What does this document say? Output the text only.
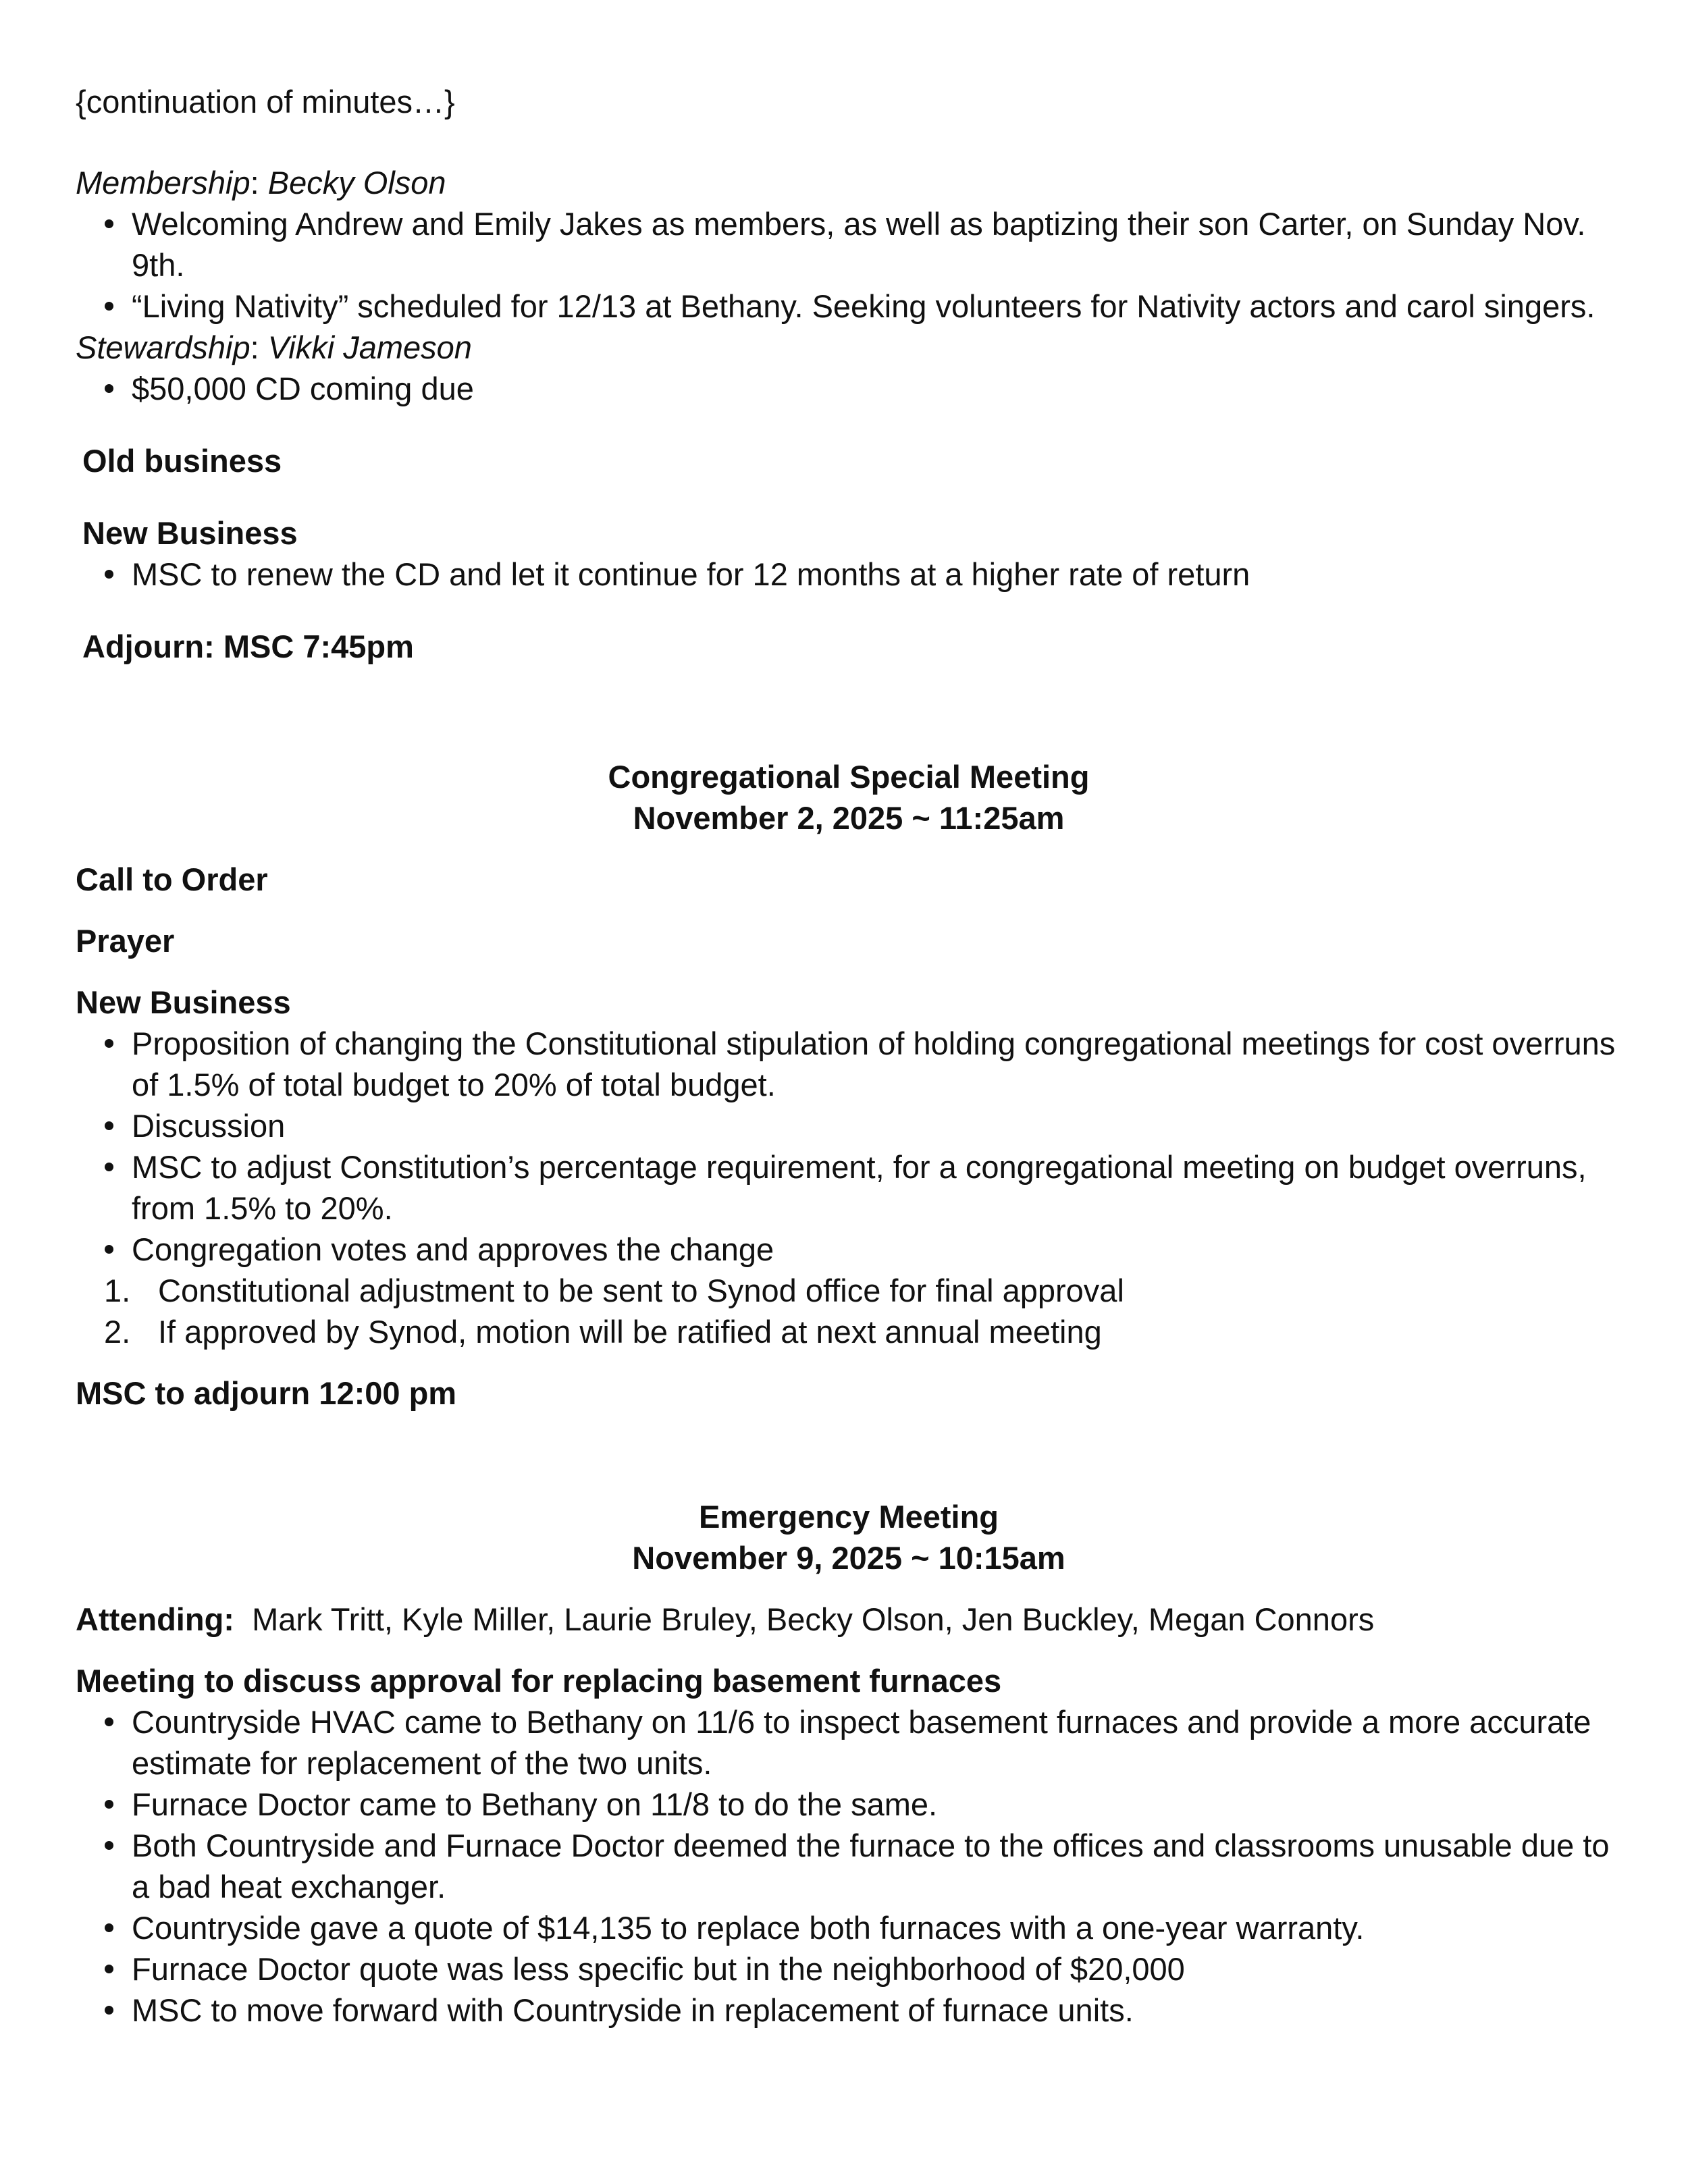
{continuation of minutes…}

Membership: Becky Olson

Welcoming Andrew and Emily Jakes as members, as well as baptizing their son Carter, on Sunday Nov. 9th.
“Living Nativity” scheduled for 12/13 at Bethany. Seeking volunteers for Nativity actors and carol singers.

Stewardship: Vikki Jameson

$50,000 CD coming due

Old business

New Business

MSC to renew the CD and let it continue for 12 months at a higher rate of return

Adjourn: MSC 7:45pm

Congregational Special Meeting

November 2, 2025 ~ 11:25am

Call to Order

Prayer

New Business

Proposition of changing the Constitutional stipulation of holding congregational meetings for cost overruns of 1.5% of total budget to 20% of total budget.
Discussion
MSC to adjust Constitution’s percentage requirement, for a congregational meeting on budget overruns, from 1.5% to 20%.
Congregation votes and approves the change
1. Constitutional adjustment to be sent to Synod office for final approval
2. If approved by Synod, motion will be ratified at next annual meeting

MSC to adjourn 12:00 pm

Emergency Meeting

November 9, 2025 ~ 10:15am

Attending: Mark Tritt, Kyle Miller, Laurie Bruley, Becky Olson, Jen Buckley, Megan Connors

Meeting to discuss approval for replacing basement furnaces

Countryside HVAC came to Bethany on 11/6 to inspect basement furnaces and provide a more accurate estimate for replacement of the two units.
Furnace Doctor came to Bethany on 11/8 to do the same.
Both Countryside and Furnace Doctor deemed the furnace to the offices and classrooms unusable due to a bad heat exchanger.
Countryside gave a quote of $14,135 to replace both furnaces with a one-year warranty.
Furnace Doctor quote was less specific but in the neighborhood of $20,000
MSC to move forward with Countryside in replacement of furnace units.
